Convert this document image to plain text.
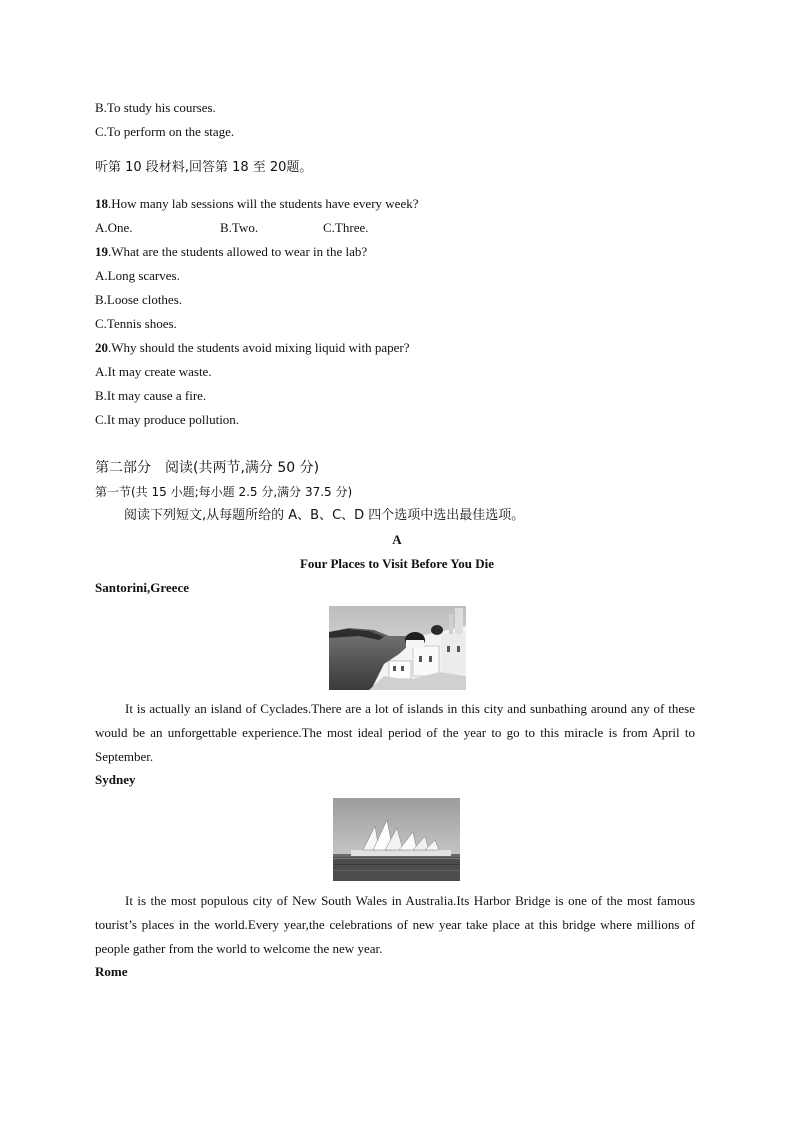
B.To study his courses.
C.To perform on the stage.
听第 10 段材料,回答第 18 至 20题。
18.How many lab sessions will the students have every week?
A.One.	B.Two.	C.Three.
19.What are the students allowed to wear in the lab?
A.Long scarves.
B.Loose clothes.
C.Tennis shoes.
20.Why should the students avoid mixing liquid with paper?
A.It may create waste.
B.It may cause a fire.
C.It may produce pollution.
第二部分　阅读(共两节,满分 50 分)
第一节(共 15 小题;每小题 2.5 分,满分 37.5 分)
阅读下列短文,从每题所给的 A、B、C、D 四个选项中选出最佳选项。
A
Four Places to Visit Before You Die
Santorini,Greece
It is actually an island of Cyclades.There are a lot of islands in this city and sunbathing around any of these would be an unforgettable experience.The most ideal period of the year to go to this miracle is from April to September.
Sydney
It is the most populous city of New South Wales in Australia.Its Harbor Bridge is one of the most famous tourist’s places in the world.Every year,the celebrations of new year take place at this bridge where millions of people gather from the world to welcome the new year.
Rome
